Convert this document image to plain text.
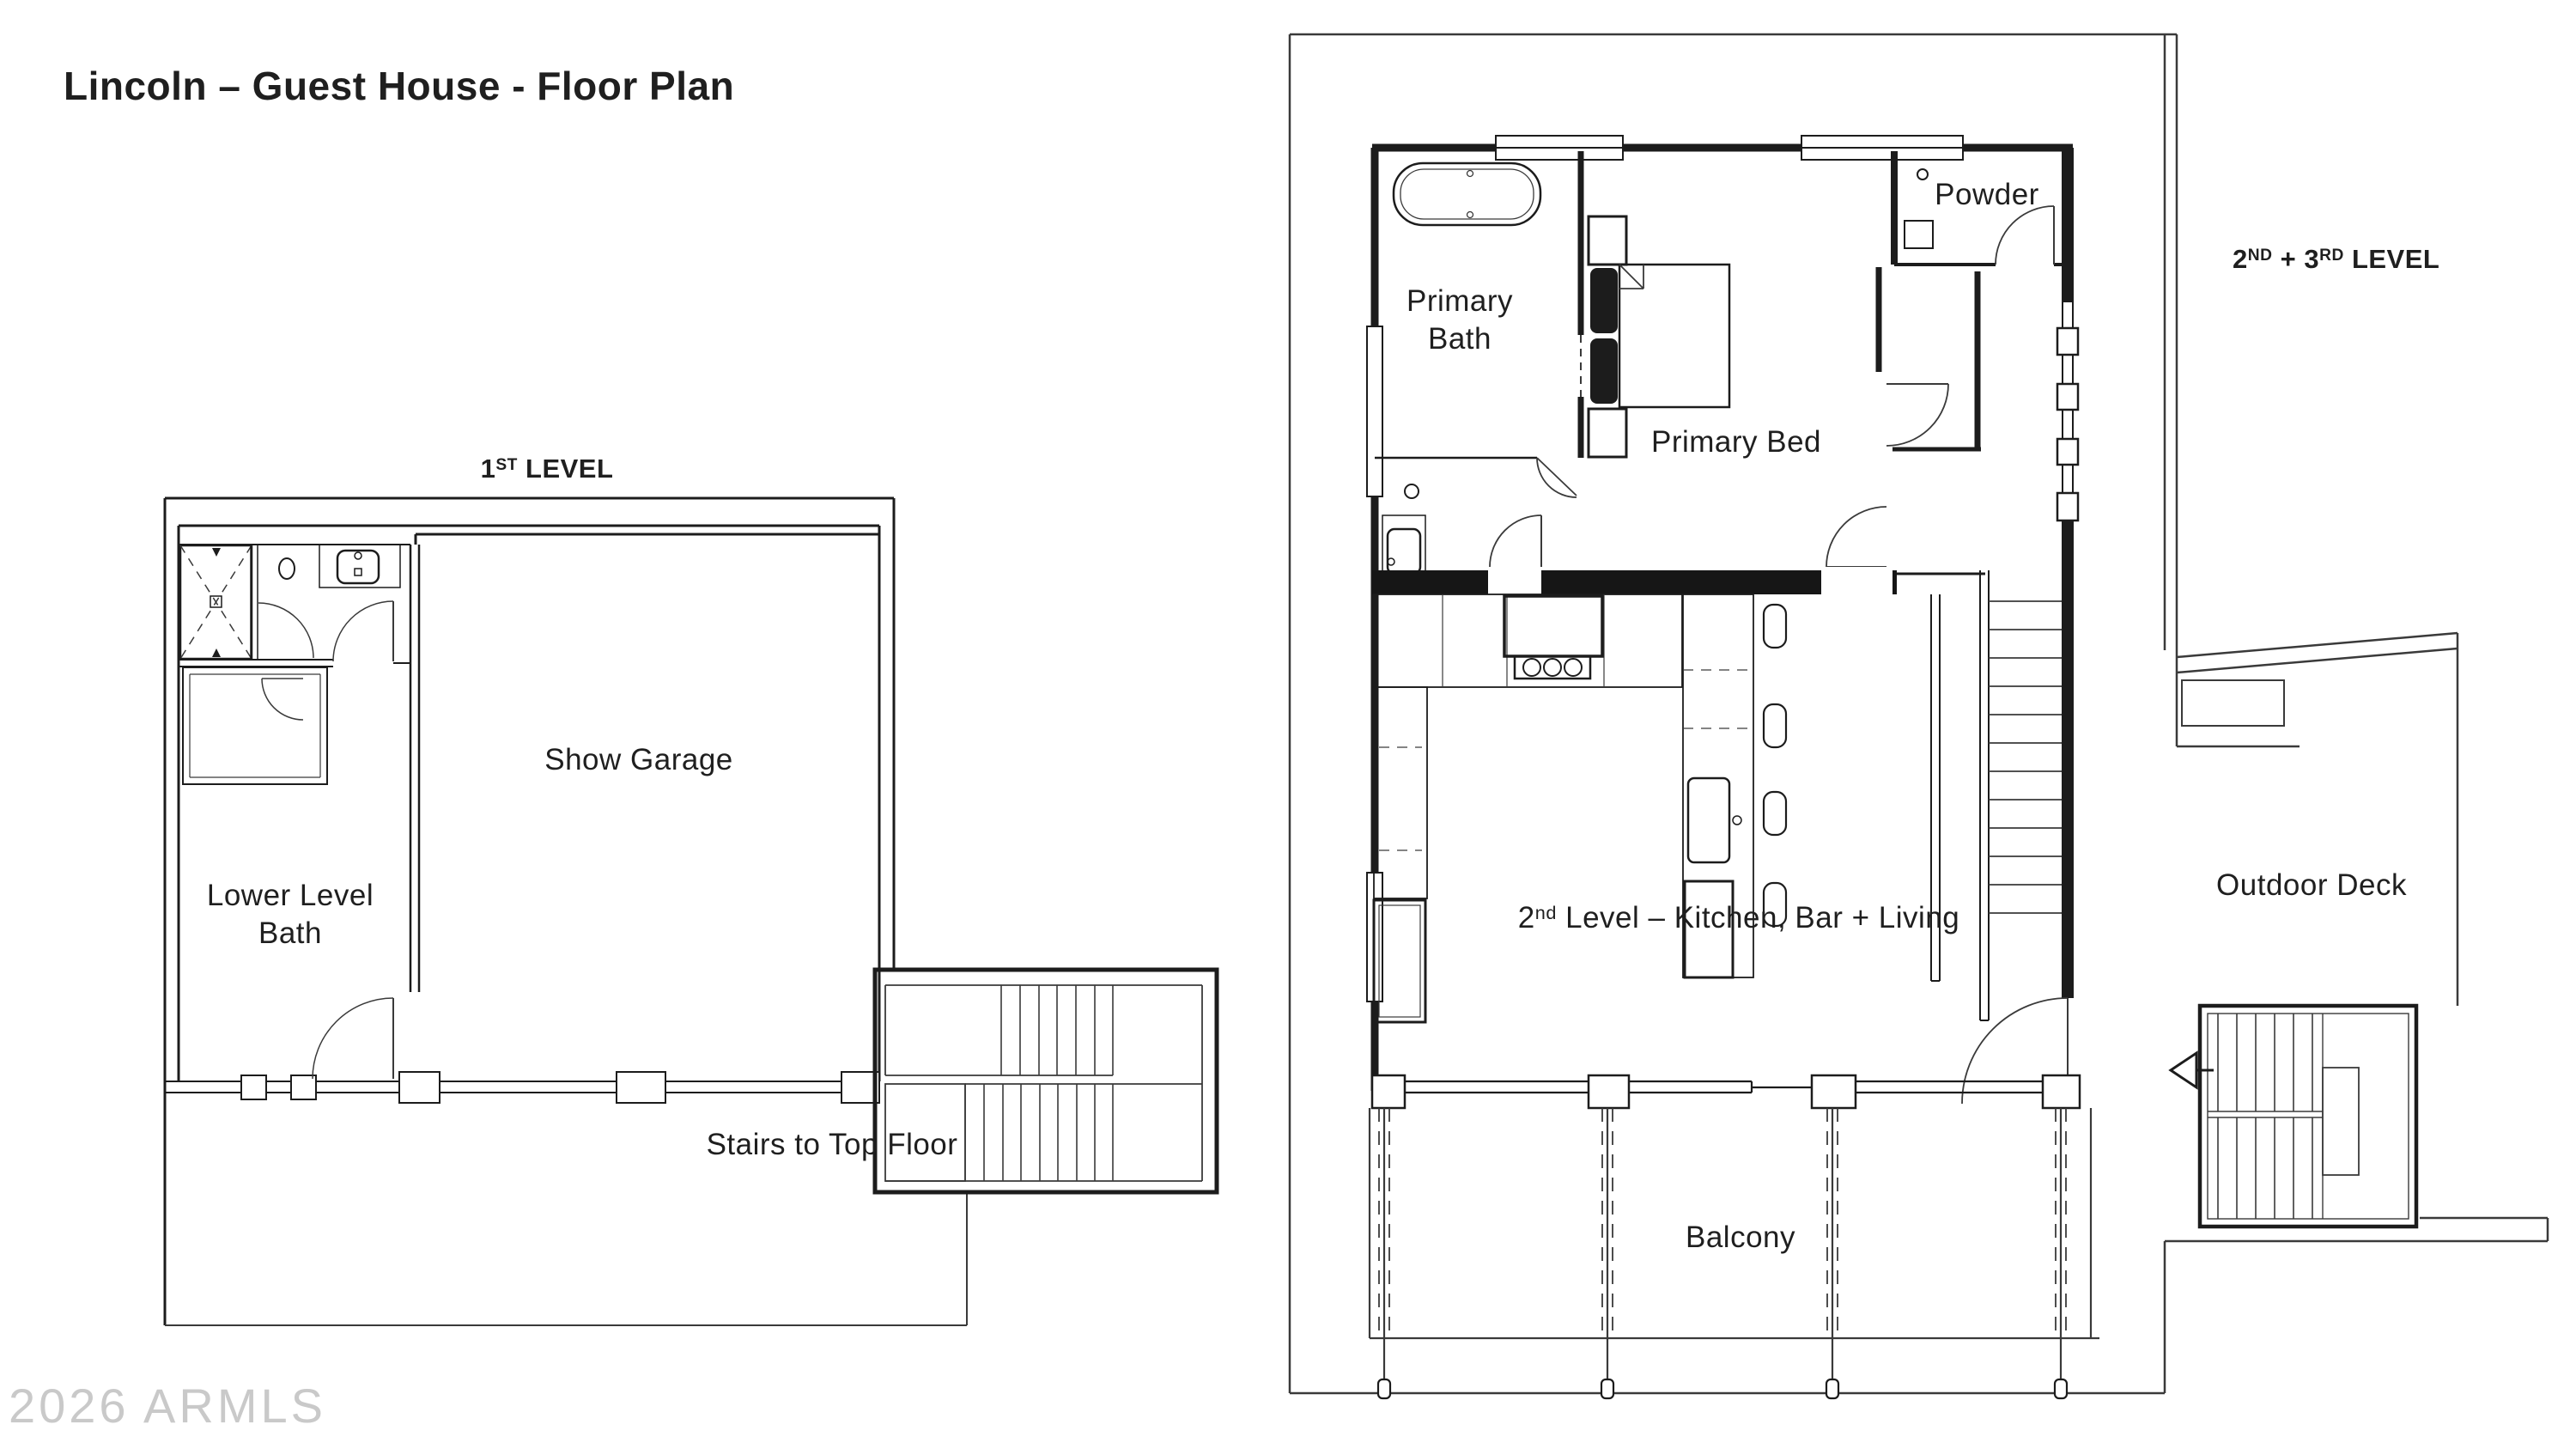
1ST LEVEL
Show Garage
Lower Level
Bath
Stairs to Top Floor
2ND + 3RD LEVEL
Powder
Primary
Bath
Primary Bed
2nd Level – Kitchen, Bar + Living
Outdoor Deck
Balcony
Lincoln – Guest House - Floor Plan
2026 ARMLS
